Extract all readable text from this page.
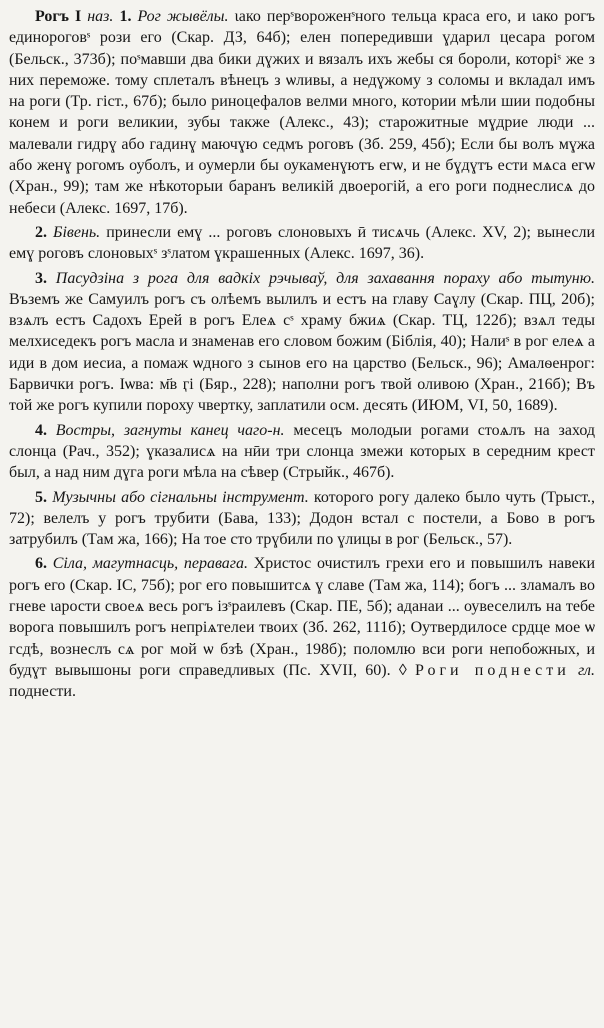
Рогъ I наз. 1. Рог жывёлы. ιако перˢвороженˢного тельца краса его, и ιако рогъ единороговˢ рози его (Скар. ДЗ, 64б); елен попередивши ɣдарил цесара рогом (Бельск., 373б); поˢмавши два бики дɣжих и вязалъ ихъ жебы ся бороли, которiˢ же з них переможе. тому сплеталъ вѣнецъ з ѡливы, а недɣжому з соломы и вкладал имъ на роги (Тр. гіст., 67б); было риноцефалов велми много, котории мѣли шии подобны конем и роги великии, зубы также (Алекс., 43); старожитные мɣдрие люди ... малевали гидрɣ або гадинɣ маючɣю седмъ роговъ (Зб. 259, 45б); Если бы волъ мɣжа або женɣ рогомъ оуболъ, и оумерли бы оукаменɣютъ егѡ, и не бɣдɣтъ ести мѧса егѡ (Хран., 99); там же нѣкоторыи баранъ великiй двоерогiй, а его роги поднеслисѧ до небеси (Алекс. 1697, 17б).

2. Бівень. принесли емɣ ... роговъ слоновыхъ ӣ тисѧчь (Алекс. XV, 2); вынесли емɣ роговъ слоновыхˢ зˢлатом ɣкрашенных (Алекс. 1697, 36).

3. Пасудзіна з рога для вадкіх рэчываў, для захавання пораху або тытуню. Въземъ же Самуилъ рогъ съ олѣемъ вылилъ и естъ на главу Саɣлу (Скар. ПЦ, 20б); взѧлъ естъ Садохъ Ерей в рогъ Елеѧ сˢ храму бжиѧ (Скар. ТЦ, 122б); взѧл теды мелхиседекъ рогъ масла и знаменав его словом божим (Біблія, 40); Налиˢ в рог елеѧ а иди в дом иесиа, а помаж ѡдного з сынов его на царство (Бельск., 96); Амалѳенрог: Барвички рогъ. Iѡва: м҃в ӷі (Бяр., 228); наполни рогъ твой оливою (Хран., 216б); Въ той же рогъ купили пороху чвертку, заплатили осм. десять (ИЮМ, VI, 50, 1689).

4. Востры, загнуты канец чаго-н. месецъ молодыи рогами стоѧлъ на заход слонца (Рач., 352); ɣказалисѧ на нӣи три слонца змежи которых в середним крест был, а над ним дɣга роги мѣла на сѣвер (Стрыйк., 467б).

5. Музычны або сігнальны інструмент. которого рогу далеко было чуть (Трыст., 72); велелъ у рогъ трубити (Бава, 133); Додон встал с постели, а Бово в рогъ затрубилъ (Там жа, 166); На тое сто трɣбили по ɣлицы в рог (Бельск., 57).

6. Сіла, магутнасць, перавага. Христос очистилъ грехи его и повышилъ навеки рогъ его (Скар. IC, 75б); рог его повышитсѧ ɣ славе (Там жа, 114); богъ ... зламалъ во гневе ιарости своеѧ весь рогъ iзˢраилевъ (Скар. ПЕ, 5б); аданаи ... оувеселилъ на тебе ворога повышилъ рогъ непрiѧтелеи твоих (Зб. 262, 111б); Оутвердилосе срдце мое ѡ гсдѣ, вознеслъ сѧ рог мой ѡ бзѣ (Хран., 198б); поломлю вси роги непобожных, и будɣт вывышоны роги справедливых (Пс. XVII, 60). ◊ Роги поднести гл. поднести.
